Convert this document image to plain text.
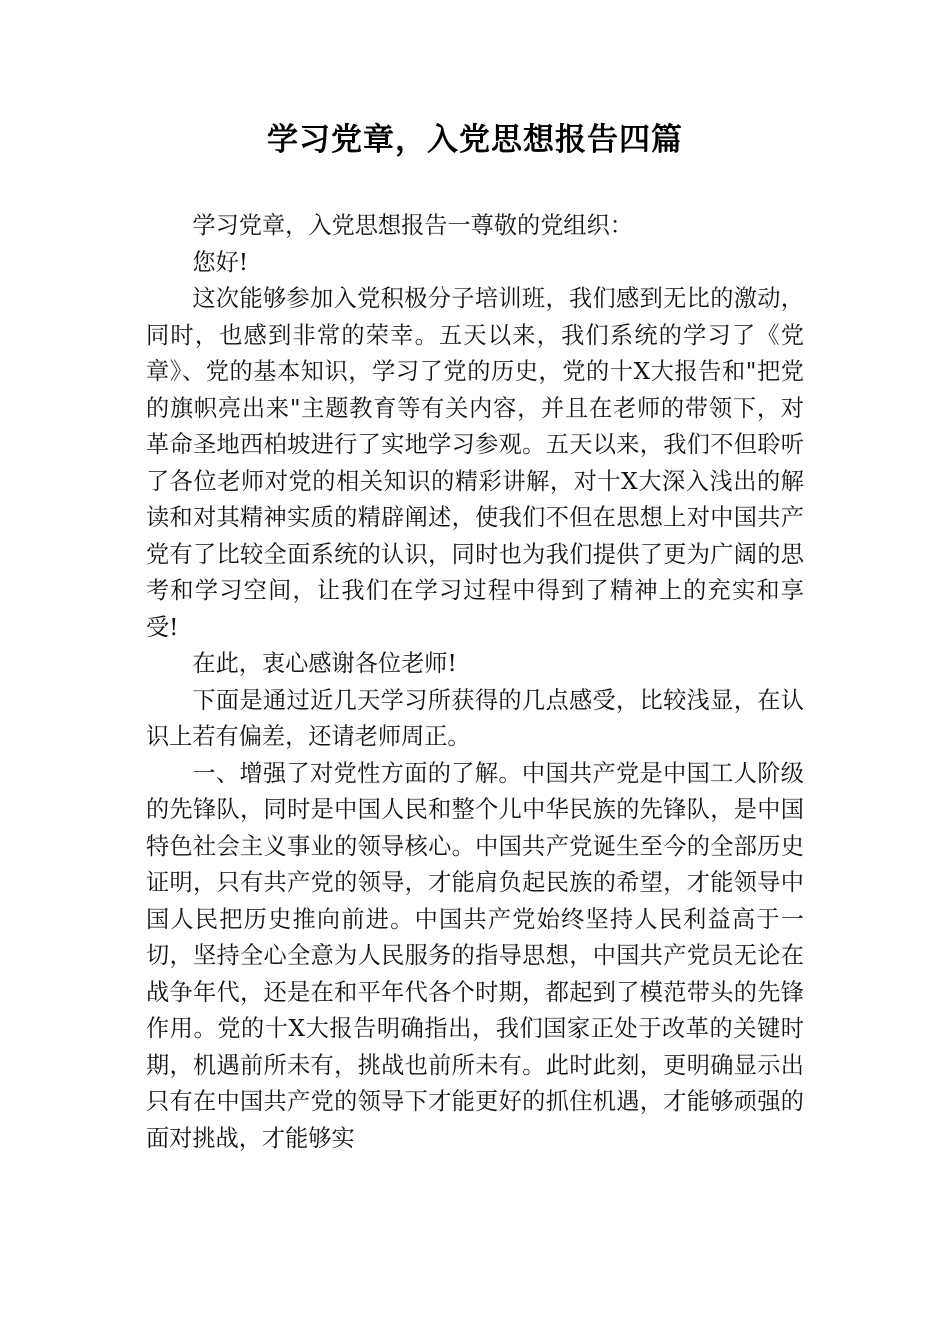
学习党章，入党思想报告四篇

学习党章，入党思想报告一尊敬的党组织：

您好!

这次能够参加入党积极分子培训班，我们感到无比的激动，同时，也感到非常的荣幸。五天以来，我们系统的学习了《党章》、党的基本知识，学习了党的历史，党的十X大报告和"把党的旗帜亮出来"主题教育等有关内容，并且在老师的带领下，对革命圣地西柏坡进行了实地学习参观。五天以来，我们不但聆听了各位老师对党的相关知识的精彩讲解，对十X大深入浅出的解读和对其精神实质的精辟阐述，使我们不但在思想上对中国共产党有了比较全面系统的认识，同时也为我们提供了更为广阔的思考和学习空间，让我们在学习过程中得到了精神上的充实和享受!

在此，衷心感谢各位老师!

下面是通过近几天学习所获得的几点感受，比较浅显，在认识上若有偏差，还请老师周正。

一、增强了对党性方面的了解。中国共产党是中国工人阶级的先锋队，同时是中国人民和整个儿中华民族的先锋队，是中国特色社会主义事业的领导核心。中国共产党诞生至今的全部历史证明，只有共产党的领导，才能肩负起民族的希望，才能领导中国人民把历史推向前进。中国共产党始终坚持人民利益高于一切，坚持全心全意为人民服务的指导思想，中国共产党员无论在战争年代，还是在和平年代各个时期，都起到了模范带头的先锋作用。党的十X大报告明确指出，我们国家正处于改革的关键时期，机遇前所未有，挑战也前所未有。此时此刻，更明确显示出只有在中国共产党的领导下才能更好的抓住机遇，才能够顽强的面对挑战，才能够实
